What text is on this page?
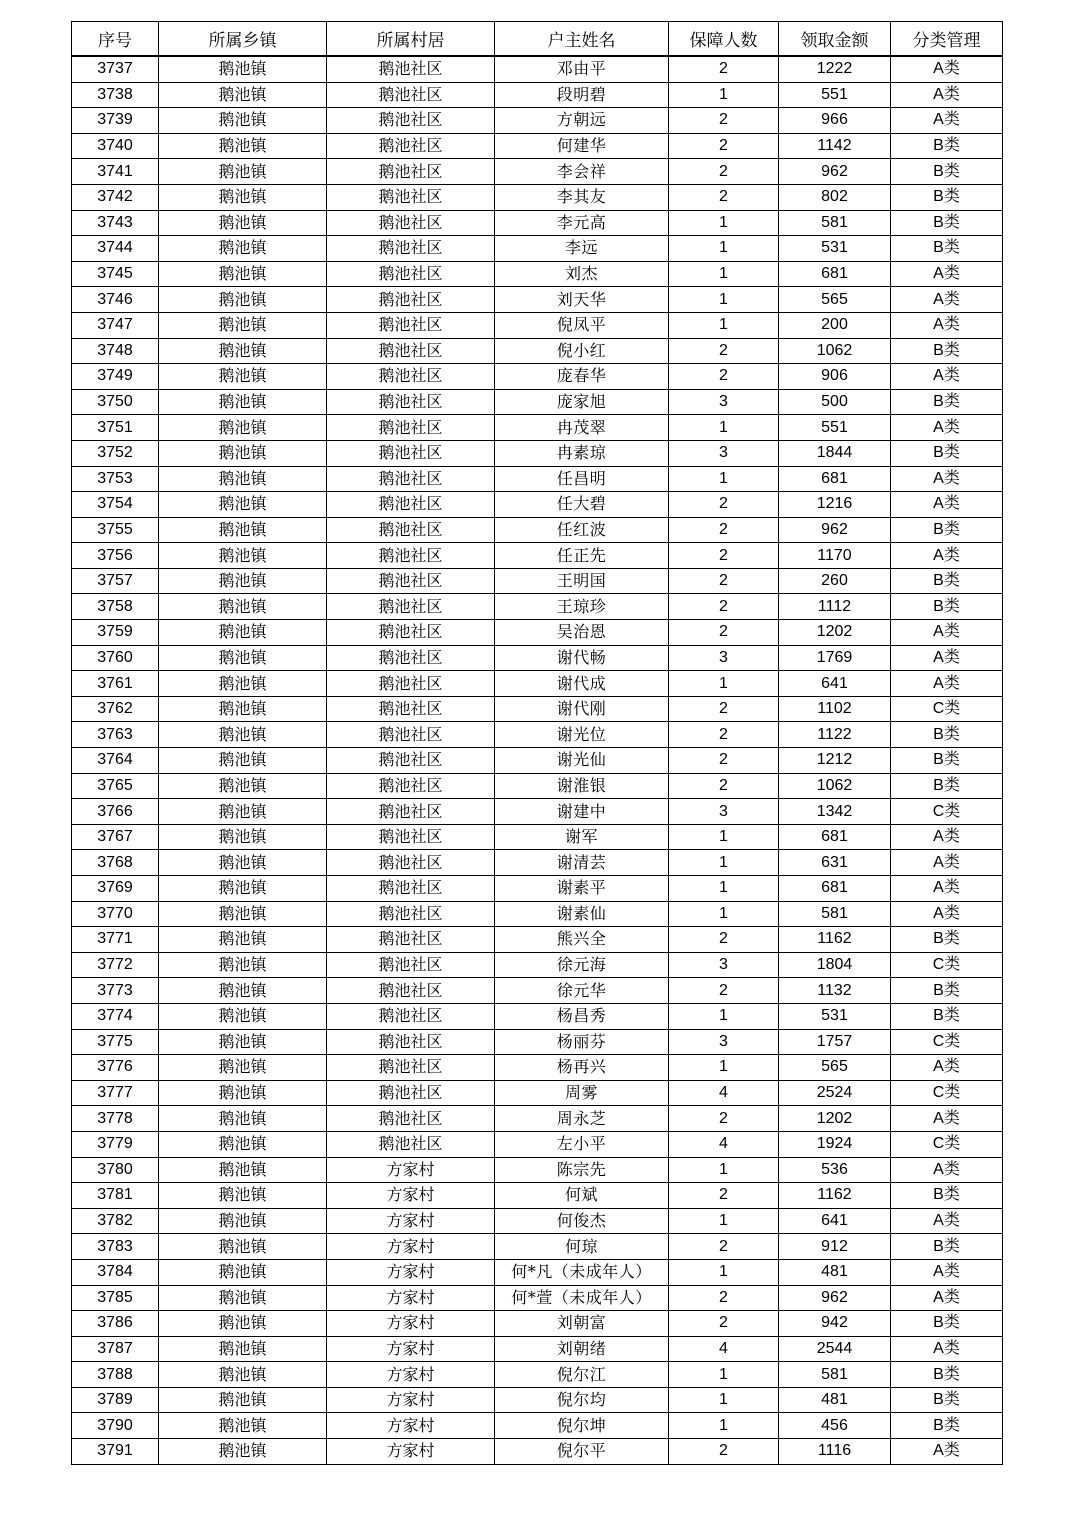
序号	所属乡镇	所属村居	户主姓名	保障人数	领取金额	分类管理
3737	鹅池镇	鹅池社区	邓由平	2	1222	A类
3738	鹅池镇	鹅池社区	段明碧	1	551	A类
3739	鹅池镇	鹅池社区	方朝远	2	966	A类
3740	鹅池镇	鹅池社区	何建华	2	1142	B类
3741	鹅池镇	鹅池社区	李会祥	2	962	B类
3742	鹅池镇	鹅池社区	李其友	2	802	B类
3743	鹅池镇	鹅池社区	李元高	1	581	B类
3744	鹅池镇	鹅池社区	李远	1	531	B类
3745	鹅池镇	鹅池社区	刘杰	1	681	A类
3746	鹅池镇	鹅池社区	刘天华	1	565	A类
3747	鹅池镇	鹅池社区	倪凤平	1	200	A类
3748	鹅池镇	鹅池社区	倪小红	2	1062	B类
3749	鹅池镇	鹅池社区	庞春华	2	906	A类
3750	鹅池镇	鹅池社区	庞家旭	3	500	B类
3751	鹅池镇	鹅池社区	冉茂翠	1	551	A类
3752	鹅池镇	鹅池社区	冉素琼	3	1844	B类
3753	鹅池镇	鹅池社区	任昌明	1	681	A类
3754	鹅池镇	鹅池社区	任大碧	2	1216	A类
3755	鹅池镇	鹅池社区	任红波	2	962	B类
3756	鹅池镇	鹅池社区	任正先	2	1170	A类
3757	鹅池镇	鹅池社区	王明国	2	260	B类
3758	鹅池镇	鹅池社区	王琼珍	2	1112	B类
3759	鹅池镇	鹅池社区	吴治恩	2	1202	A类
3760	鹅池镇	鹅池社区	谢代畅	3	1769	A类
3761	鹅池镇	鹅池社区	谢代成	1	641	A类
3762	鹅池镇	鹅池社区	谢代刚	2	1102	C类
3763	鹅池镇	鹅池社区	谢光位	2	1122	B类
3764	鹅池镇	鹅池社区	谢光仙	2	1212	B类
3765	鹅池镇	鹅池社区	谢淮银	2	1062	B类
3766	鹅池镇	鹅池社区	谢建中	3	1342	C类
3767	鹅池镇	鹅池社区	谢军	1	681	A类
3768	鹅池镇	鹅池社区	谢清芸	1	631	A类
3769	鹅池镇	鹅池社区	谢素平	1	681	A类
3770	鹅池镇	鹅池社区	谢素仙	1	581	A类
3771	鹅池镇	鹅池社区	熊兴全	2	1162	B类
3772	鹅池镇	鹅池社区	徐元海	3	1804	C类
3773	鹅池镇	鹅池社区	徐元华	2	1132	B类
3774	鹅池镇	鹅池社区	杨昌秀	1	531	B类
3775	鹅池镇	鹅池社区	杨丽芬	3	1757	C类
3776	鹅池镇	鹅池社区	杨再兴	1	565	A类
3777	鹅池镇	鹅池社区	周雾	4	2524	C类
3778	鹅池镇	鹅池社区	周永芝	2	1202	A类
3779	鹅池镇	鹅池社区	左小平	4	1924	C类
3780	鹅池镇	方家村	陈宗先	1	536	A类
3781	鹅池镇	方家村	何斌	2	1162	B类
3782	鹅池镇	方家村	何俊杰	1	641	A类
3783	鹅池镇	方家村	何琼	2	912	B类
3784	鹅池镇	方家村	何*凡（未成年人）	1	481	A类
3785	鹅池镇	方家村	何*萱（未成年人）	2	962	A类
3786	鹅池镇	方家村	刘朝富	2	942	B类
3787	鹅池镇	方家村	刘朝绪	4	2544	A类
3788	鹅池镇	方家村	倪尔江	1	581	B类
3789	鹅池镇	方家村	倪尔均	1	481	B类
3790	鹅池镇	方家村	倪尔坤	1	456	B类
3791	鹅池镇	方家村	倪尔平	2	1116	A类
